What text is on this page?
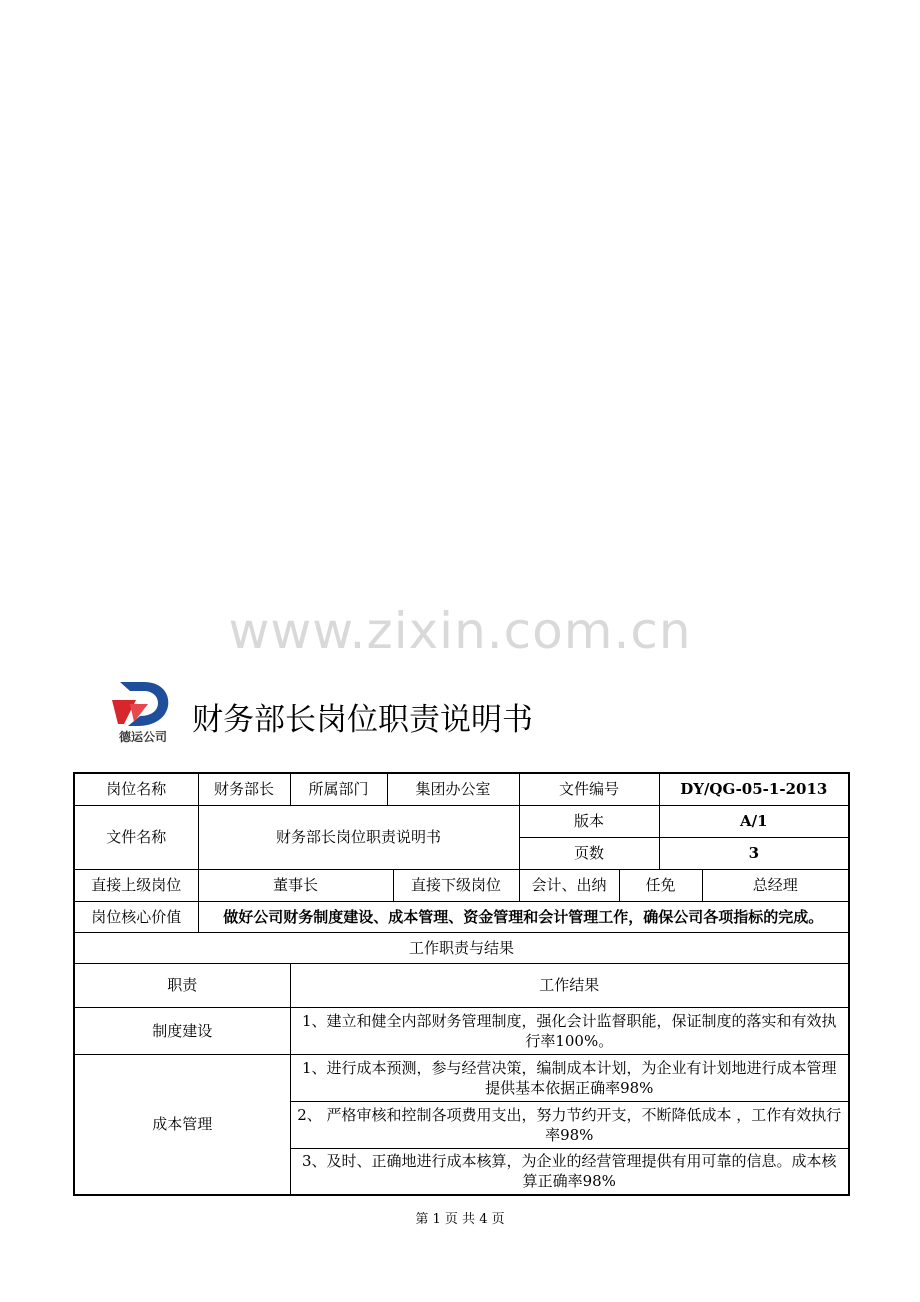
www.zixin.com.cn
德运公司 财务部长岗位职责说明书
岗位名称	财务部长	所属部门	集团办公室		文件编号		DY/QG-05-1-2013	
文件名称	财务部长岗位职责说明书				版本		A/1	
					页数		3	
直接上级岗位	董事长			直接下级岗位	会计、出纳	任免		总经理
岗位核心价值	做好公司财务制度建设、成本管理、资金管理和会计管理工作，确保公司各项指标的完成。							
工作职责与结果								
职责		工作结果						
制度建设		1、建立和健全内部财务管理制度，强化会计监督职能，保证制度的落实和有效执行率100%。						
成本管理		1、进行成本预测，参与经营决策，编制成本计划，为企业有计划地进行成本管理提供基本依据正确率98%						
		2、 严格审核和控制各项费用支出，努力节约开支，不断降低成本 ，工作有效执行率98%						
		3、及时、正确地进行成本核算，为企业的经营管理提供有用可靠的信息。成本核算正确率98%						
第 1 页 共 4 页
